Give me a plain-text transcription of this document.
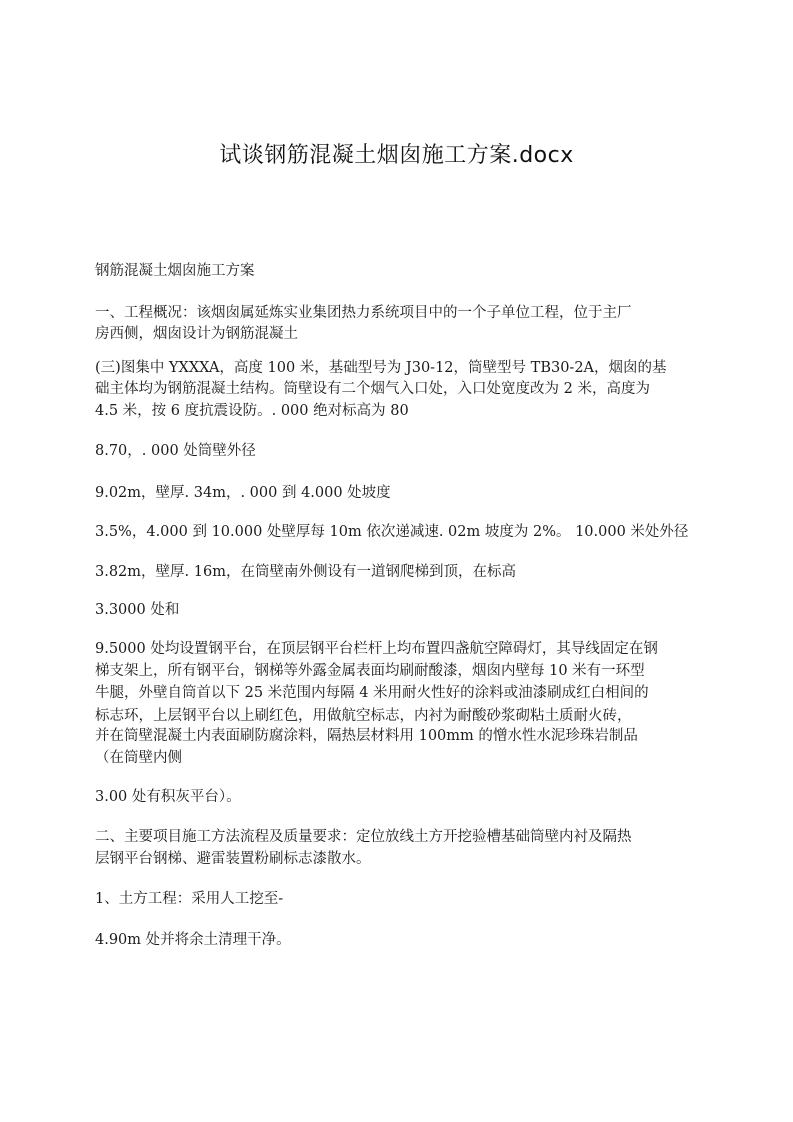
试谈钢筋混凝土烟囱施工方案.docx
钢筋混凝土烟囱施工方案
一、工程概况：该烟囱属延炼实业集团热力系统项目中的一个子单位工程，位于主厂
房西侧，烟囱设计为钢筋混凝土
(三)图集中 YXXXA，高度 100 米，基础型号为 J30-12，筒壁型号 TB30-2A，烟囱的基
础主体均为钢筋混凝土结构。筒壁设有二个烟气入口处，入口处宽度改为 2 米，高度为
4.5 米，按 6 度抗震设防。. 000 绝对标高为 80
8.70，. 000 处筒壁外径
9.02m，壁厚. 34m，. 000 到 4.000 处坡度
3.5%，4.000 到 10.000 处壁厚每 10m 依次递减速. 02m 坡度为 2%。 10.000 米处外径
3.82m，壁厚. 16m，在筒壁南外侧设有一道钢爬梯到顶，在标高
3.3000 处和
9.5000 处均设置钢平台，在顶层钢平台栏杆上均布置四盏航空障碍灯，其导线固定在钢
梯支架上，所有钢平台，钢梯等外露金属表面均刷耐酸漆，烟囱内壁每 10 米有一环型
牛腿，外壁自筒首以下 25 米范围内每隔 4 米用耐火性好的涂料或油漆刷成红白相间的
标志环，上层钢平台以上刷红色，用做航空标志，内衬为耐酸砂浆砌粘土质耐火砖，
并在筒壁混凝土内表面刷防腐涂料，隔热层材料用 100mm 的憎水性水泥珍珠岩制品
（在筒壁内侧
3.00 处有积灰平台）。
二、主要项目施工方法流程及质量要求：定位放线土方开挖验槽基础筒壁内衬及隔热
层钢平台钢梯、避雷装置粉刷标志漆散水。
1、土方工程：采用人工挖至-
4.90m 处并将余土清理干净。
